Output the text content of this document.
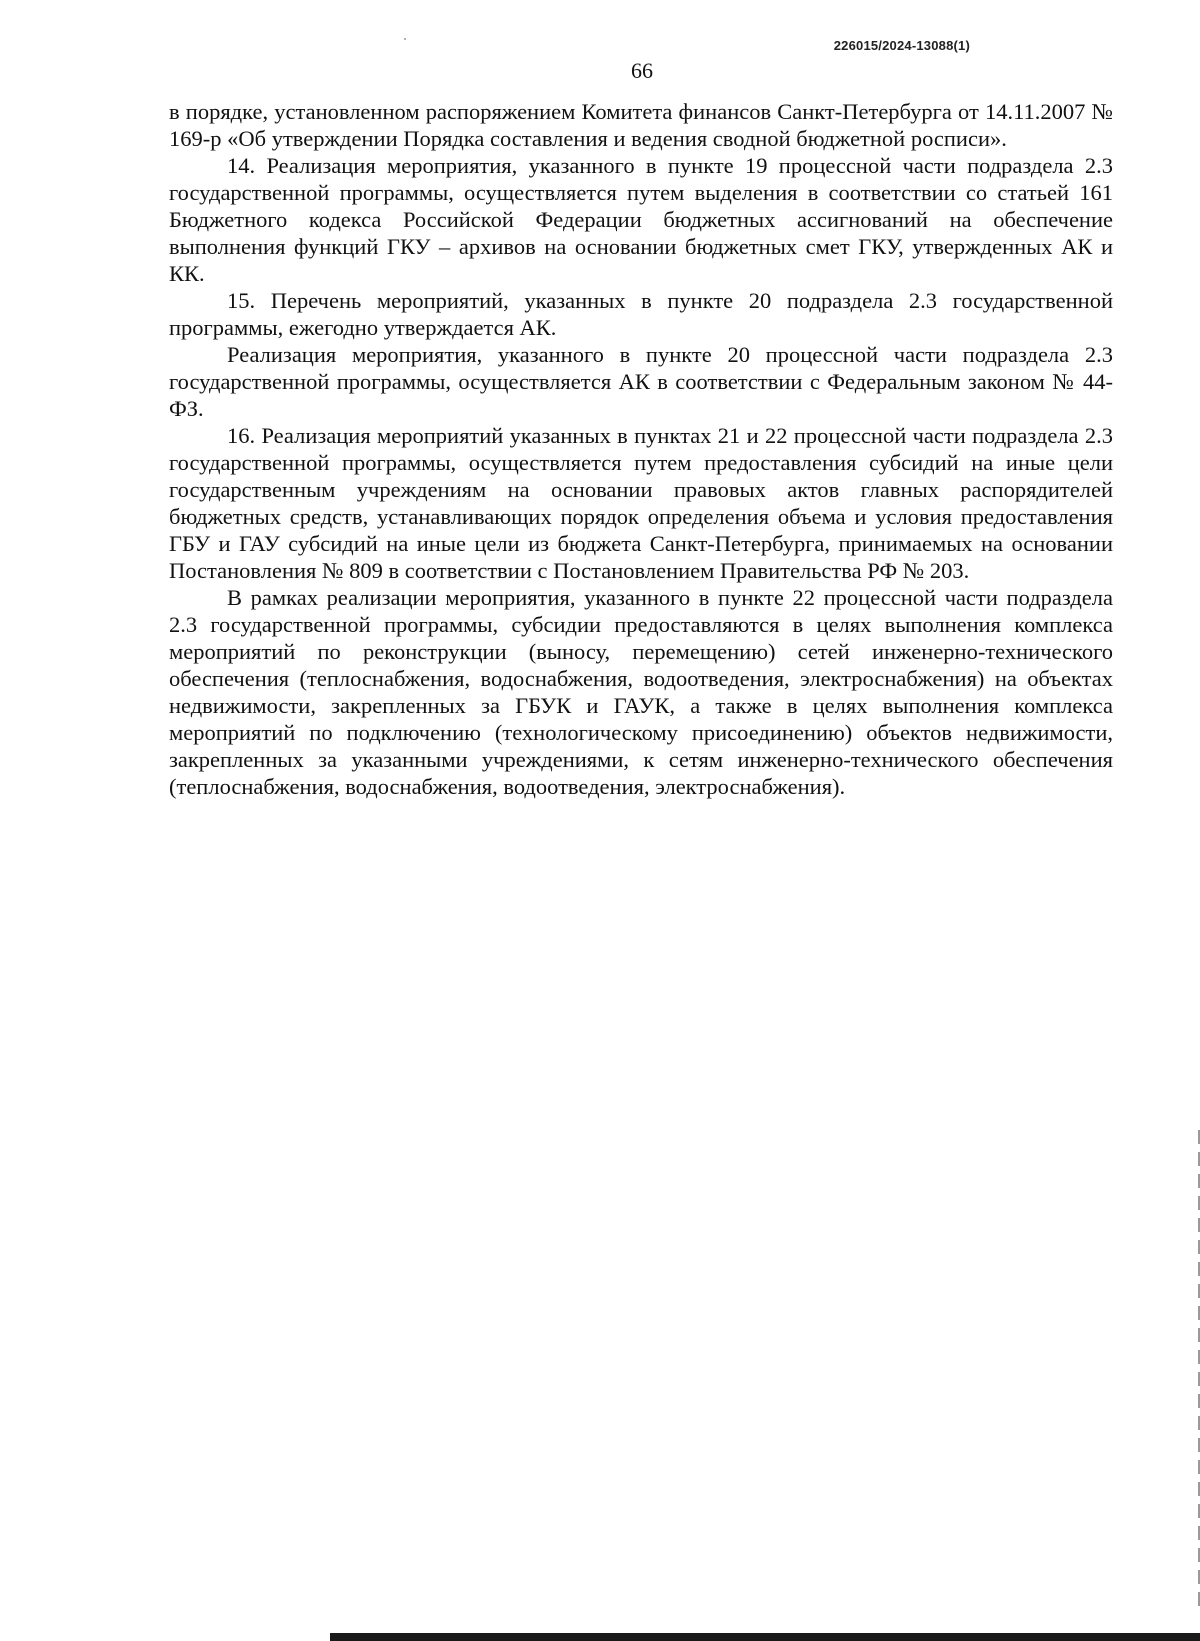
226015/2024-13088(1)
66

в порядке, установленном распоряжением Комитета финансов Санкт-Петербурга от 14.11.2007 № 169-р «Об утверждении Порядка составления и ведения сводной бюджетной росписи».

14. Реализация мероприятия, указанного в пункте 19 процессной части подраздела 2.3 государственной программы, осуществляется путем выделения в соответствии со статьей 161 Бюджетного кодекса Российской Федерации бюджетных ассигнований на обеспечение выполнения функций ГКУ – архивов на основании бюджетных смет ГКУ, утвержденных АК и КК.

15. Перечень мероприятий, указанных в пункте 20 подраздела 2.3 государственной программы, ежегодно утверждается АК.

Реализация мероприятия, указанного в пункте 20 процессной части подраздела 2.3 государственной программы, осуществляется АК в соответствии с Федеральным законом № 44-ФЗ.

16. Реализация мероприятий указанных в пунктах 21 и 22 процессной части подраздела 2.3 государственной программы, осуществляется путем предоставления субсидий на иные цели государственным учреждениям на основании правовых актов главных распорядителей бюджетных средств, устанавливающих порядок определения объема и условия предоставления ГБУ и ГАУ субсидий на иные цели из бюджета Санкт-Петербурга, принимаемых на основании Постановления № 809 в соответствии с Постановлением Правительства РФ № 203.

В рамках реализации мероприятия, указанного в пункте 22 процессной части подраздела 2.3 государственной программы, субсидии предоставляются в целях выполнения комплекса мероприятий по реконструкции (выносу, перемещению) сетей инженерно-технического обеспечения (теплоснабжения, водоснабжения, водоотведения, электроснабжения) на объектах недвижимости, закрепленных за ГБУК и ГАУК, а также в целях выполнения комплекса мероприятий по подключению (технологическому присоединению) объектов недвижимости, закрепленных за указанными учреждениями, к сетям инженерно-технического обеспечения (теплоснабжения, водоснабжения, водоотведения, электроснабжения).
